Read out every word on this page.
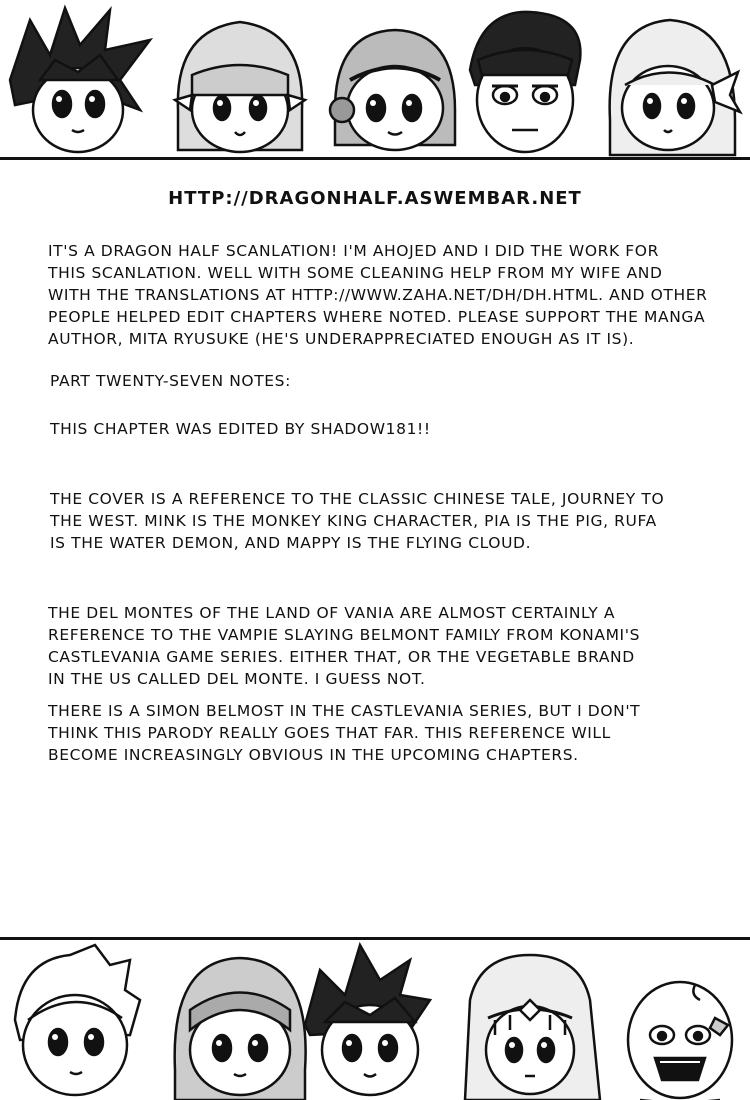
HTTP://DRAGONHALF.ASWEMBAR.NET

IT'S A DRAGON HALF SCANLATION! I'M AHOJED AND I DID THE WORK FOR
THIS SCANLATION. WELL WITH SOME CLEANING HELP FROM MY WIFE AND
WITH THE TRANSLATIONS AT HTTP://WWW.ZAHA.NET/DH/DH.HTML. AND OTHER
PEOPLE HELPED EDIT CHAPTERS WHERE NOTED. PLEASE SUPPORT THE MANGA
AUTHOR, MITA RYUSUKE (HE'S UNDERAPPRECIATED ENOUGH AS IT IS).

PART TWENTY-SEVEN NOTES:

THIS CHAPTER WAS EDITED BY SHADOW181!!

THE COVER IS A REFERENCE TO THE CLASSIC CHINESE TALE, JOURNEY TO
THE WEST. MINK IS THE MONKEY KING CHARACTER, PIA IS THE PIG, RUFA
IS THE WATER DEMON, AND MAPPY IS THE FLYING CLOUD.

THE DEL MONTES OF THE LAND OF VANIA ARE ALMOST CERTAINLY A
REFERENCE TO THE VAMPIE SLAYING BELMONT FAMILY FROM KONAMI'S
CASTLEVANIA GAME SERIES. EITHER THAT, OR THE VEGETABLE BRAND
IN THE US CALLED DEL MONTE. I GUESS NOT.

THERE IS A SIMON BELMOST IN THE CASTLEVANIA SERIES, BUT I DON'T
THINK THIS PARODY REALLY GOES THAT FAR. THIS REFERENCE WILL
BECOME INCREASINGLY OBVIOUS IN THE UPCOMING CHAPTERS.
